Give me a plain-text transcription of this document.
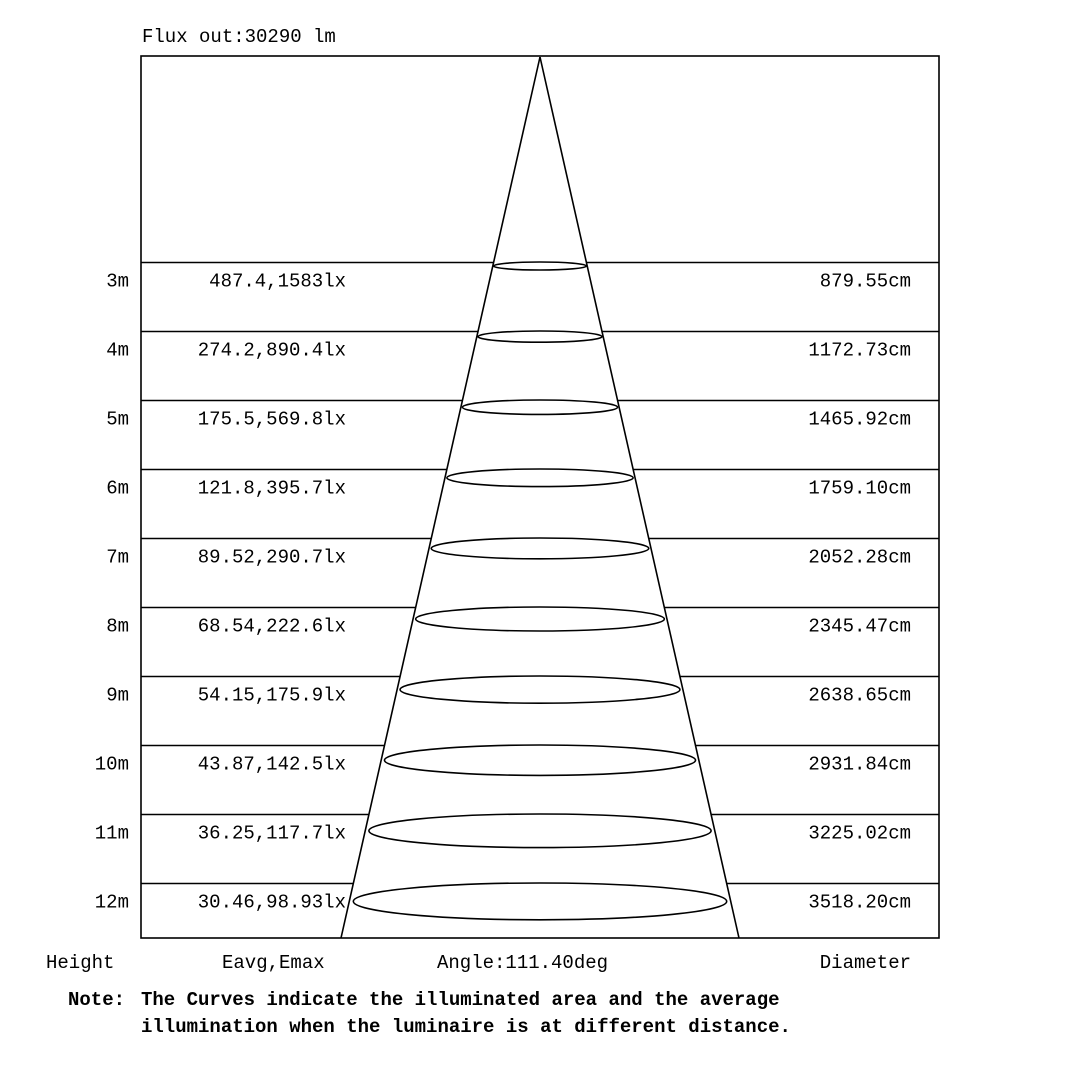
Flux out:30290 lm
3m	487.4,1583lx	879.55cm
4m	274.2,890.4lx	1172.73cm
5m	175.5,569.8lx	1465.92cm
6m	121.8,395.7lx	1759.10cm
7m	89.52,290.7lx	2052.28cm
8m	68.54,222.6lx	2345.47cm
9m	54.15,175.9lx	2638.65cm
10m	43.87,142.5lx	2931.84cm
11m	36.25,117.7lx	3225.02cm
12m	30.46,98.93lx	3518.20cm
Height	Eavg,Emax	Angle:111.40deg	Diameter
Note: The Curves indicate the illuminated area and the average
illumination when the luminaire is at different distance.
